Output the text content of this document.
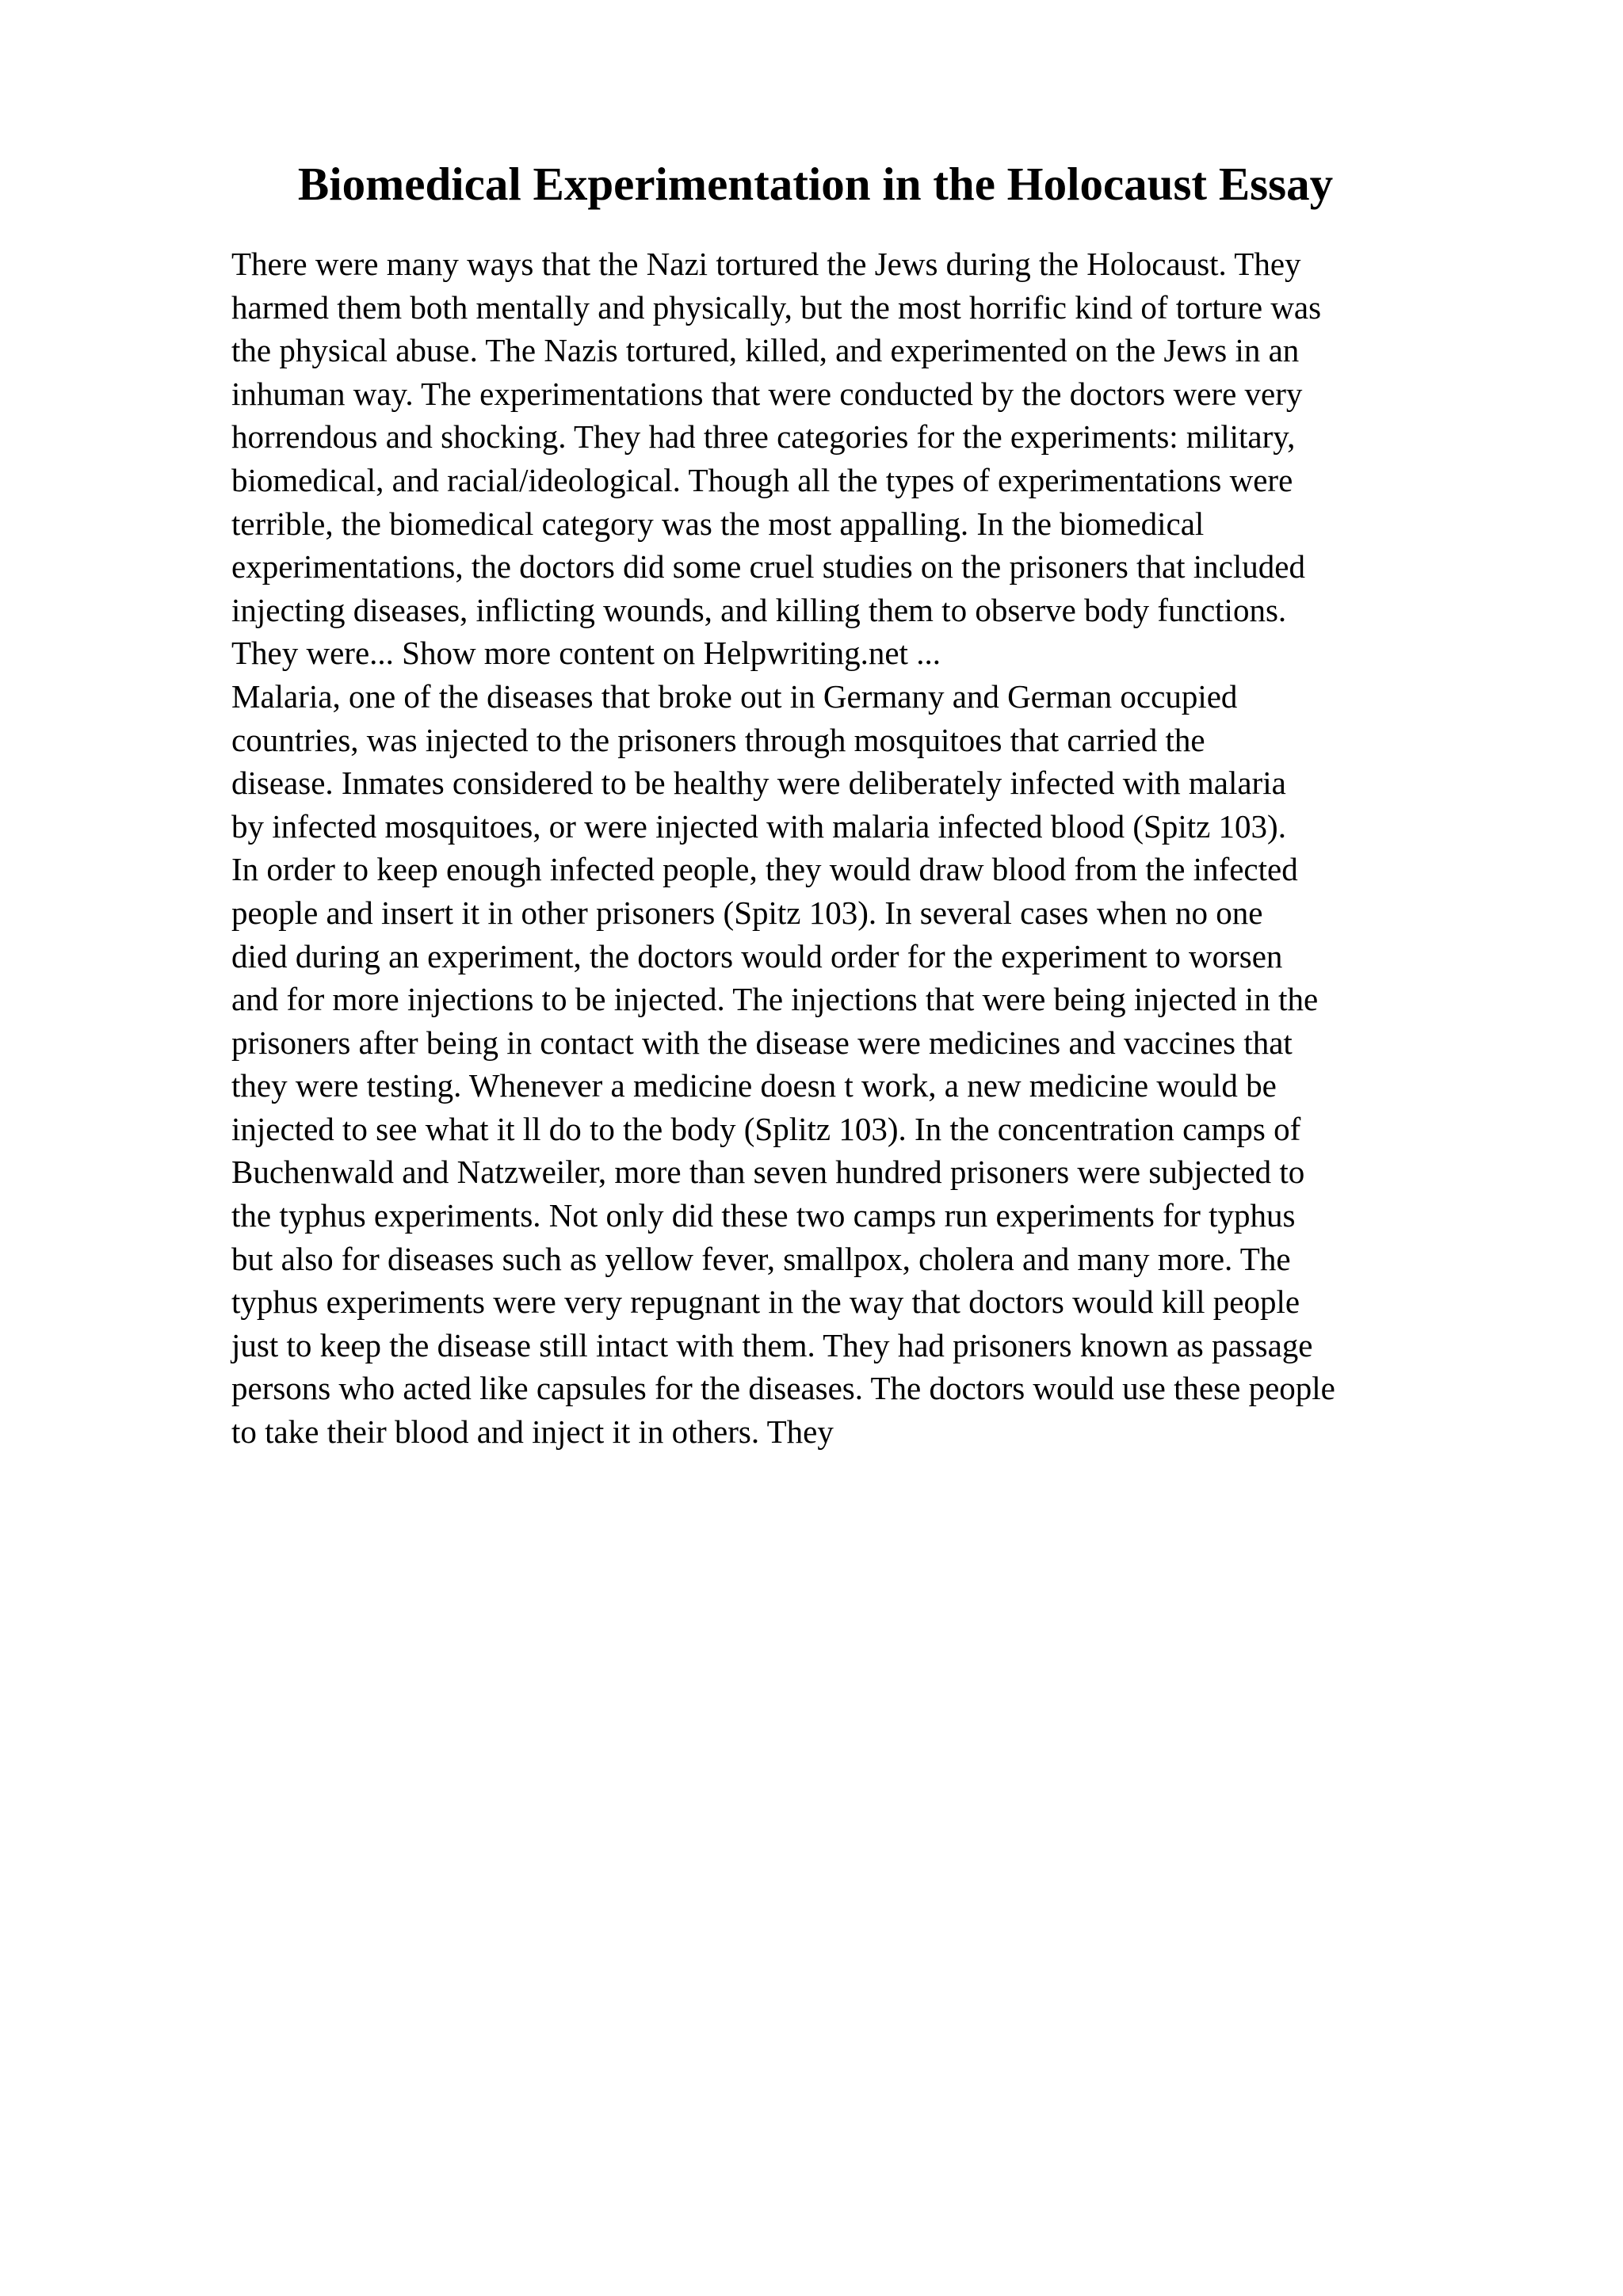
Biomedical Experimentation in the Holocaust Essay
There were many ways that the Nazi tortured the Jews during the Holocaust. They
harmed them both mentally and physically, but the most horrific kind of torture was
the physical abuse. The Nazis tortured, killed, and experimented on the Jews in an
inhuman way. The experimentations that were conducted by the doctors were very
horrendous and shocking. They had three categories for the experiments: military,
biomedical, and racial/ideological. Though all the types of experimentations were
terrible, the biomedical category was the most appalling. In the biomedical
experimentations, the doctors did some cruel studies on the prisoners that included
injecting diseases, inflicting wounds, and killing them to observe body functions.
They were... Show more content on Helpwriting.net ...
Malaria, one of the diseases that broke out in Germany and German occupied
countries, was injected to the prisoners through mosquitoes that carried the
disease. Inmates considered to be healthy were deliberately infected with malaria
by infected mosquitoes, or were injected with malaria infected blood (Spitz 103).
In order to keep enough infected people, they would draw blood from the infected
people and insert it in other prisoners (Spitz 103). In several cases when no one
died during an experiment, the doctors would order for the experiment to worsen
and for more injections to be injected. The injections that were being injected in the
prisoners after being in contact with the disease were medicines and vaccines that
they were testing. Whenever a medicine doesn t work, a new medicine would be
injected to see what it ll do to the body (Splitz 103). In the concentration camps of
Buchenwald and Natzweiler, more than seven hundred prisoners were subjected to
the typhus experiments. Not only did these two camps run experiments for typhus
but also for diseases such as yellow fever, smallpox, cholera and many more. The
typhus experiments were very repugnant in the way that doctors would kill people
just to keep the disease still intact with them. They had prisoners known as passage
persons who acted like capsules for the diseases. The doctors would use these people
to take their blood and inject it in others. They
